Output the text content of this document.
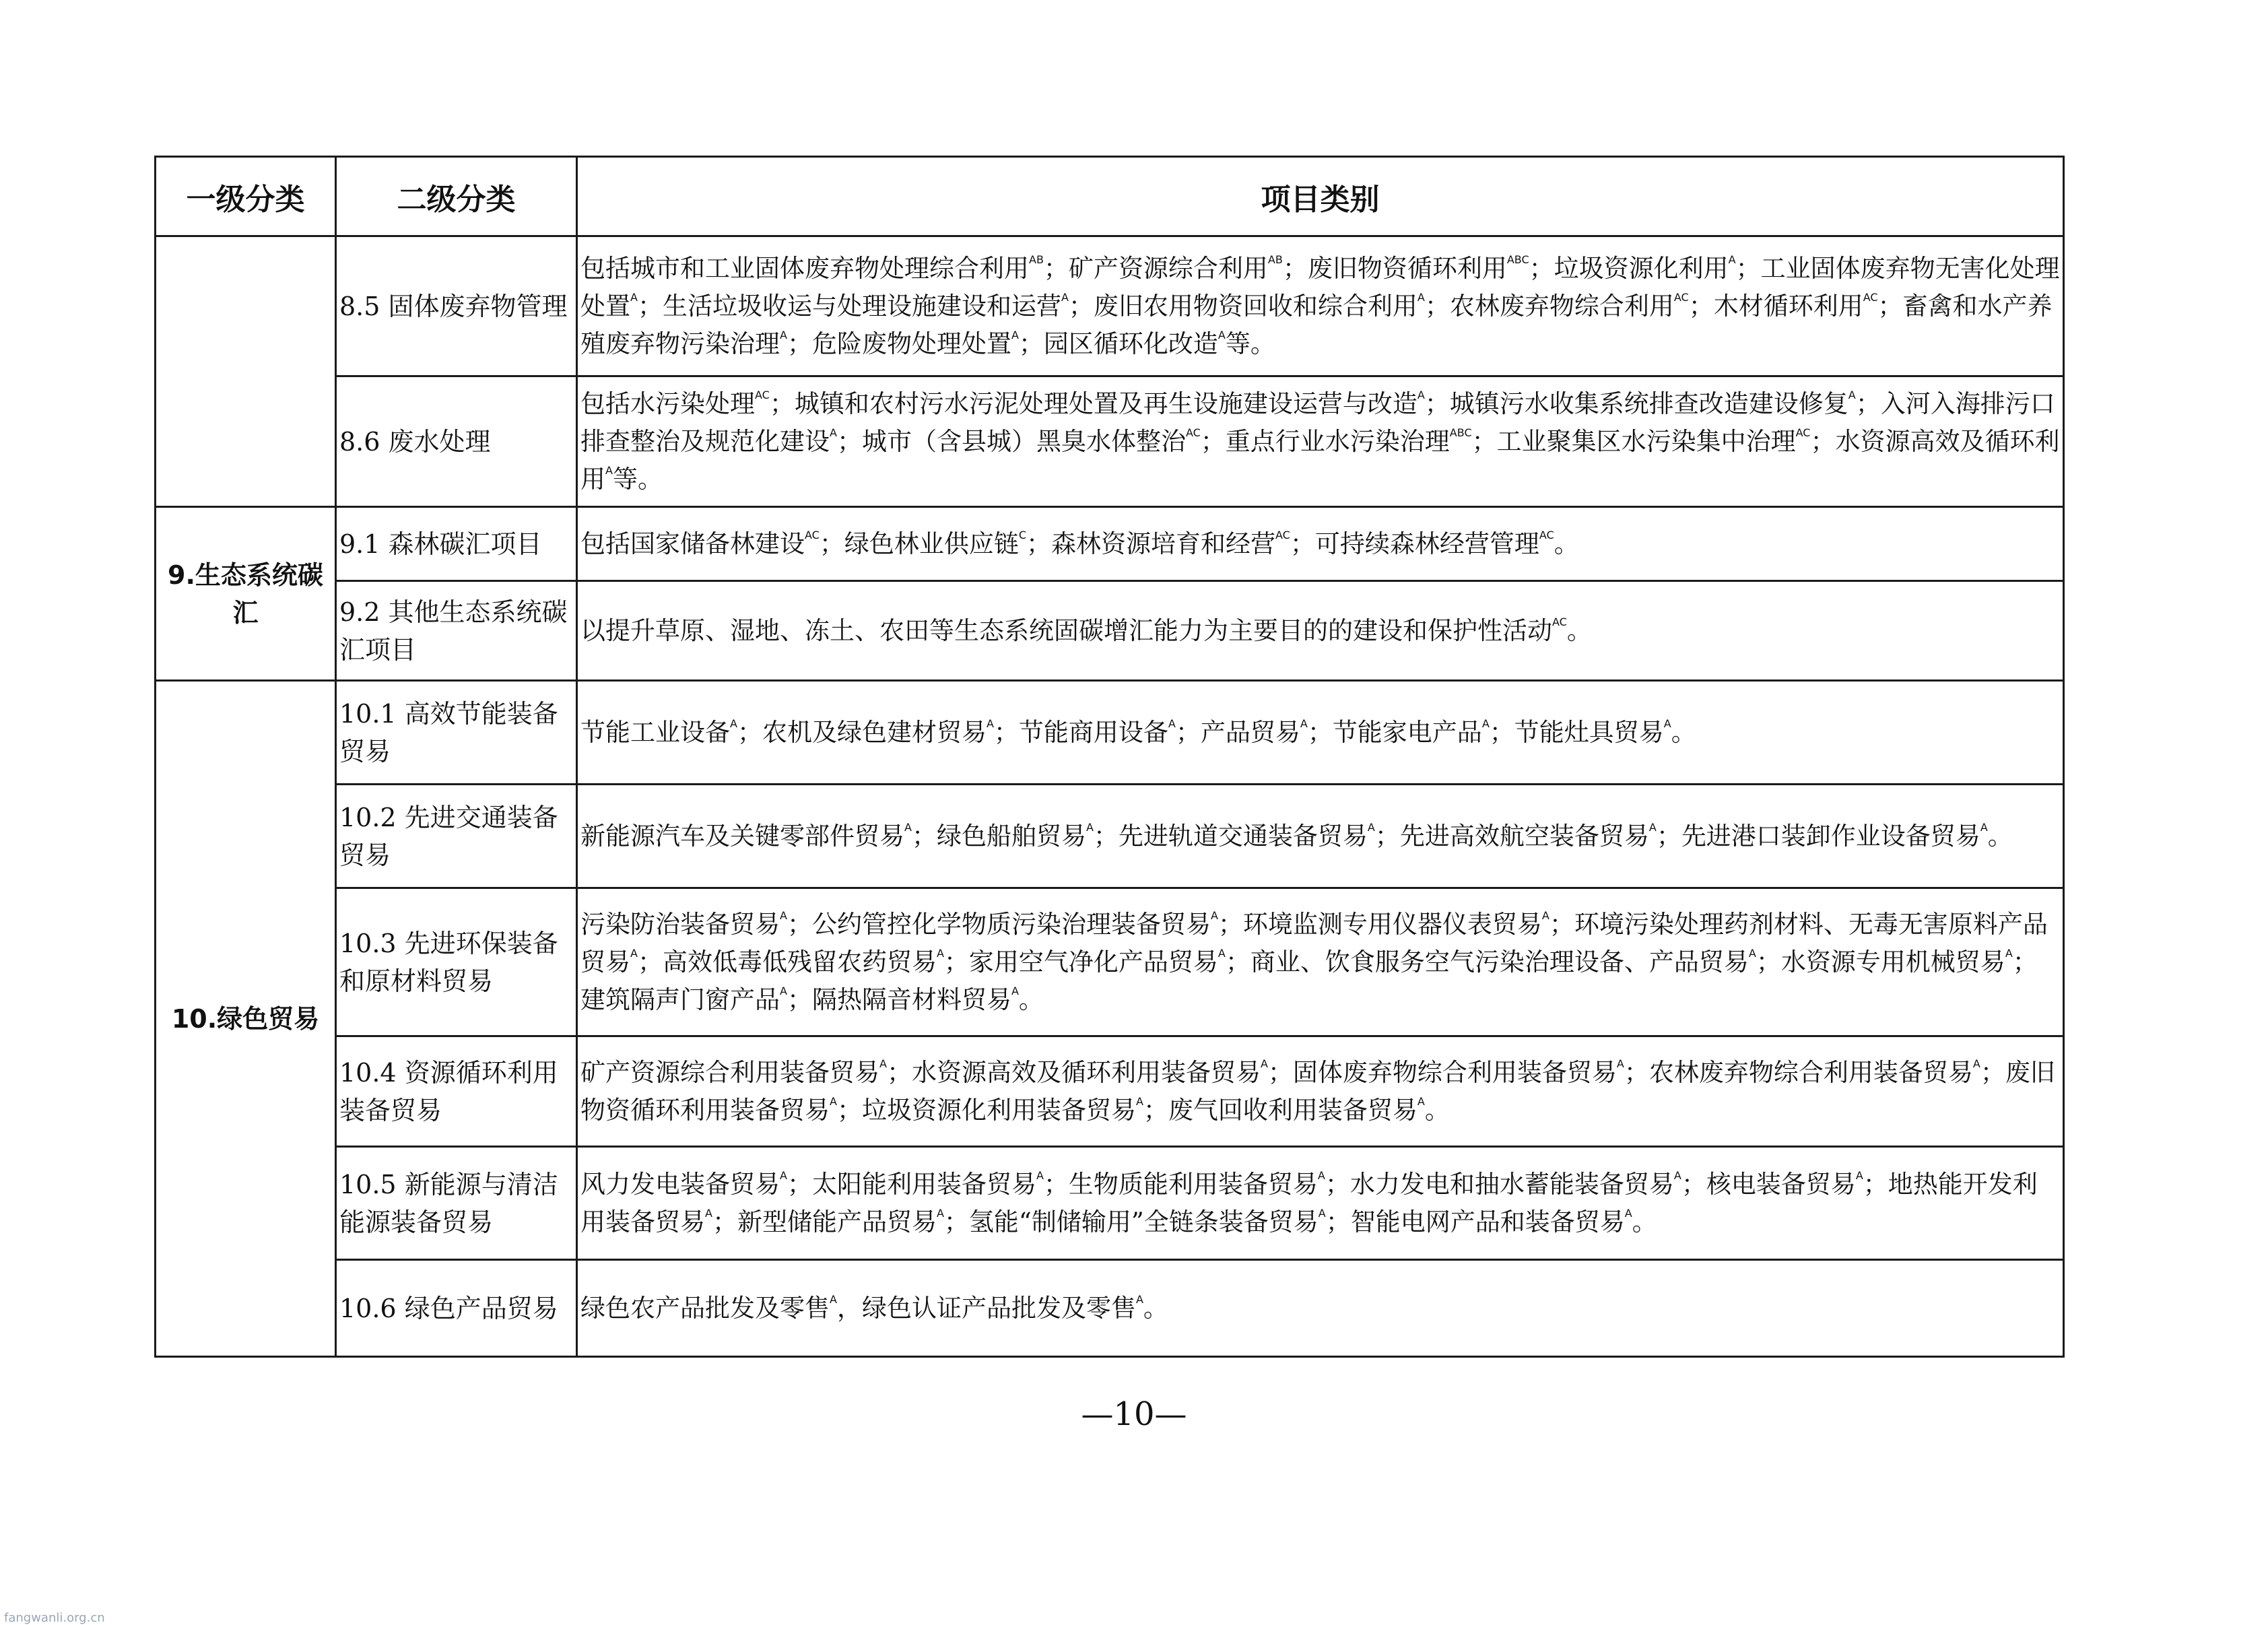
一级分类	二级分类	项目类别
	8.5 固体废弃物管理	包括城市和工业固体废弃物处理综合利用$^{AB}$；矿产资源综合利用$^{AB}$；废旧物资循环利用$^{ABC}$；垃圾资源化利用$^A$；工业固体废弃物无害化处理处置$^A$；生活垃圾收运与处理设施建设和运营$^A$；废旧农用物资回收和综合利用$^A$；农林废弃物综合利用$^{AC}$；木材循环利用$^{AC}$；畜禽和水产养殖废弃物污染治理$^A$；危险废物处理处置$^A$；园区循环化改造$^A$等。
	8.6 废水处理	包括水污染处理$^{AC}$；城镇和农村污水污泥处理处置及再生设施建设运营与改造$^A$；城镇污水收集系统排查改造建设修复$^A$；入河入海排污口排查整治及规范化建设$^A$；城市（含县城）黑臭水体整治$^{AC}$；重点行业水污染治理$^{ABC}$；工业聚集区水污染集中治理$^{AC}$；水资源高效及循环利用$^A$等。
9.生态系统碳汇	9.1 森林碳汇项目	包括国家储备林建设$^{AC}$；绿色林业供应链$^C$；森林资源培育和经营$^{AC}$；可持续森林经营管理$^{AC}$。
	9.2 其他生态系统碳汇项目	以提升草原、湿地、冻土、农田等生态系统固碳增汇能力为主要目的的建设和保护性活动$^{AC}$。
10.绿色贸易	10.1 高效节能装备贸易	节能工业设备$^A$；农机及绿色建材贸易$^A$；节能商用设备$^A$；产品贸易$^A$；节能家电产品$^A$；节能灶具贸易$^A$。
	10.2 先进交通装备贸易	新能源汽车及关键零部件贸易$^A$；绿色船舶贸易$^A$；先进轨道交通装备贸易$^A$；先进高效航空装备贸易$^A$；先进港口装卸作业设备贸易$^A$。
	10.3 先进环保装备和原材料贸易	污染防治装备贸易$^A$；公约管控化学物质污染治理装备贸易$^A$；环境监测专用仪器仪表贸易$^A$；环境污染处理药剂材料、无毒无害原料产品贸易$^A$；高效低毒低残留农药贸易$^A$；家用空气净化产品贸易$^A$；商业、饮食服务空气污染治理设备、产品贸易$^A$；水资源专用机械贸易$^A$；建筑隔声门窗产品$^A$；隔热隔音材料贸易$^A$。
	10.4 资源循环利用装备贸易	矿产资源综合利用装备贸易$^A$；水资源高效及循环利用装备贸易$^A$；固体废弃物综合利用装备贸易$^A$；农林废弃物综合利用装备贸易$^A$；废旧物资循环利用装备贸易$^A$；垃圾资源化利用装备贸易$^A$；废气回收利用装备贸易$^A$。
	10.5 新能源与清洁能源装备贸易	风力发电装备贸易$^A$；太阳能利用装备贸易$^A$；生物质能利用装备贸易$^A$；水力发电和抽水蓄能装备贸易$^A$；核电装备贸易$^A$；地热能开发利用装备贸易$^A$；新型储能产品贸易$^A$；氢能“制储输用”全链条装备贸易$^A$；智能电网产品和装备贸易$^A$。
	10.6 绿色产品贸易	绿色农产品批发及零售$^A$，绿色认证产品批发及零售$^A$。
—10—
fangwanli.org.cn
